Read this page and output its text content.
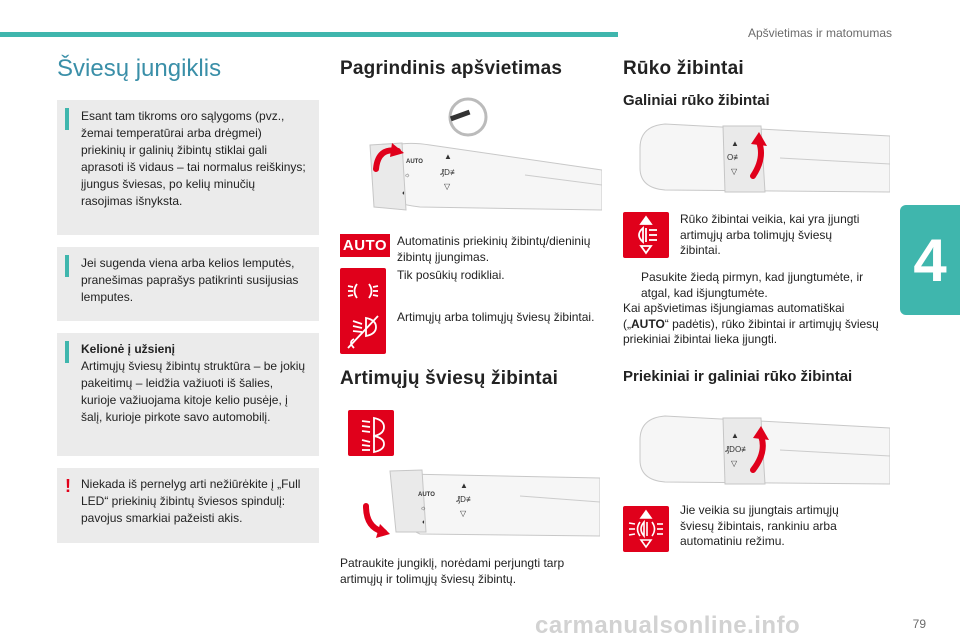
Apšvietimas ir matomumas
4
79
carmanualsonline.info
Šviesų jungiklis
Esant tam tikroms oro sąlygoms (pvz., žemai temperatūrai arba drėgmei) priekinių ir galinių žibintų stiklai gali aprasoti iš vidaus – tai normalus reiškinys; įjungus šviesas, po kelių minučių rasojimas išnyksta.
Jei sugenda viena arba kelios lemputės, pranešimas paprašys patikrinti susijusias lemputes.
Kelionė į užsienį
Artimųjų šviesų žibintų struktūra – be jokių pakeitimų – leidžia važiuoti iš šalies, kurioje važiuojama kitoje kelio pusėje, į šalį, kurioje pirkote savo automobilį.
! Niekada iš pernelyg arti nežiūrėkite į „Full LED“ priekinių žibintų šviesos spindulį: pavojus smarkiai pažeisti akis.
Pagrindinis apšvietimas
AUTO
☼
◐
▲
₰D≢
▽
AUTO Automatinis priekinių žibintų/dieninių žibintų įjungimas.
Tik posūkių rodikliai.
Artimųjų arba tolimųjų šviesų žibintai.
Artimųjų šviesų žibintai
AUTO
☼
◐
▲
₰D≢
▽
Patraukite jungiklį, norėdami perjungti tarp artimųjų ir tolimųjų šviesų žibintų.
Rūko žibintai
Galiniai rūko žibintai
▲
O≢
▽
Rūko žibintai veikia, kai yra įjungti artimųjų arba tolimųjų šviesų žibintai.
Pasukite žiedą pirmyn, kad įjungtumėte, ir atgal, kad išjungtumėte.
Kai apšvietimas išjungiamas automatiškai („AUTO“ padėtis), rūko žibintai ir artimųjų šviesų priekiniai žibintai lieka įjungti.
Priekiniai ir galiniai rūko žibintai
▲
₰DO≢
▽
Jie veikia su įjungtais artimųjų šviesų žibintais, rankiniu arba automatiniu režimu.
